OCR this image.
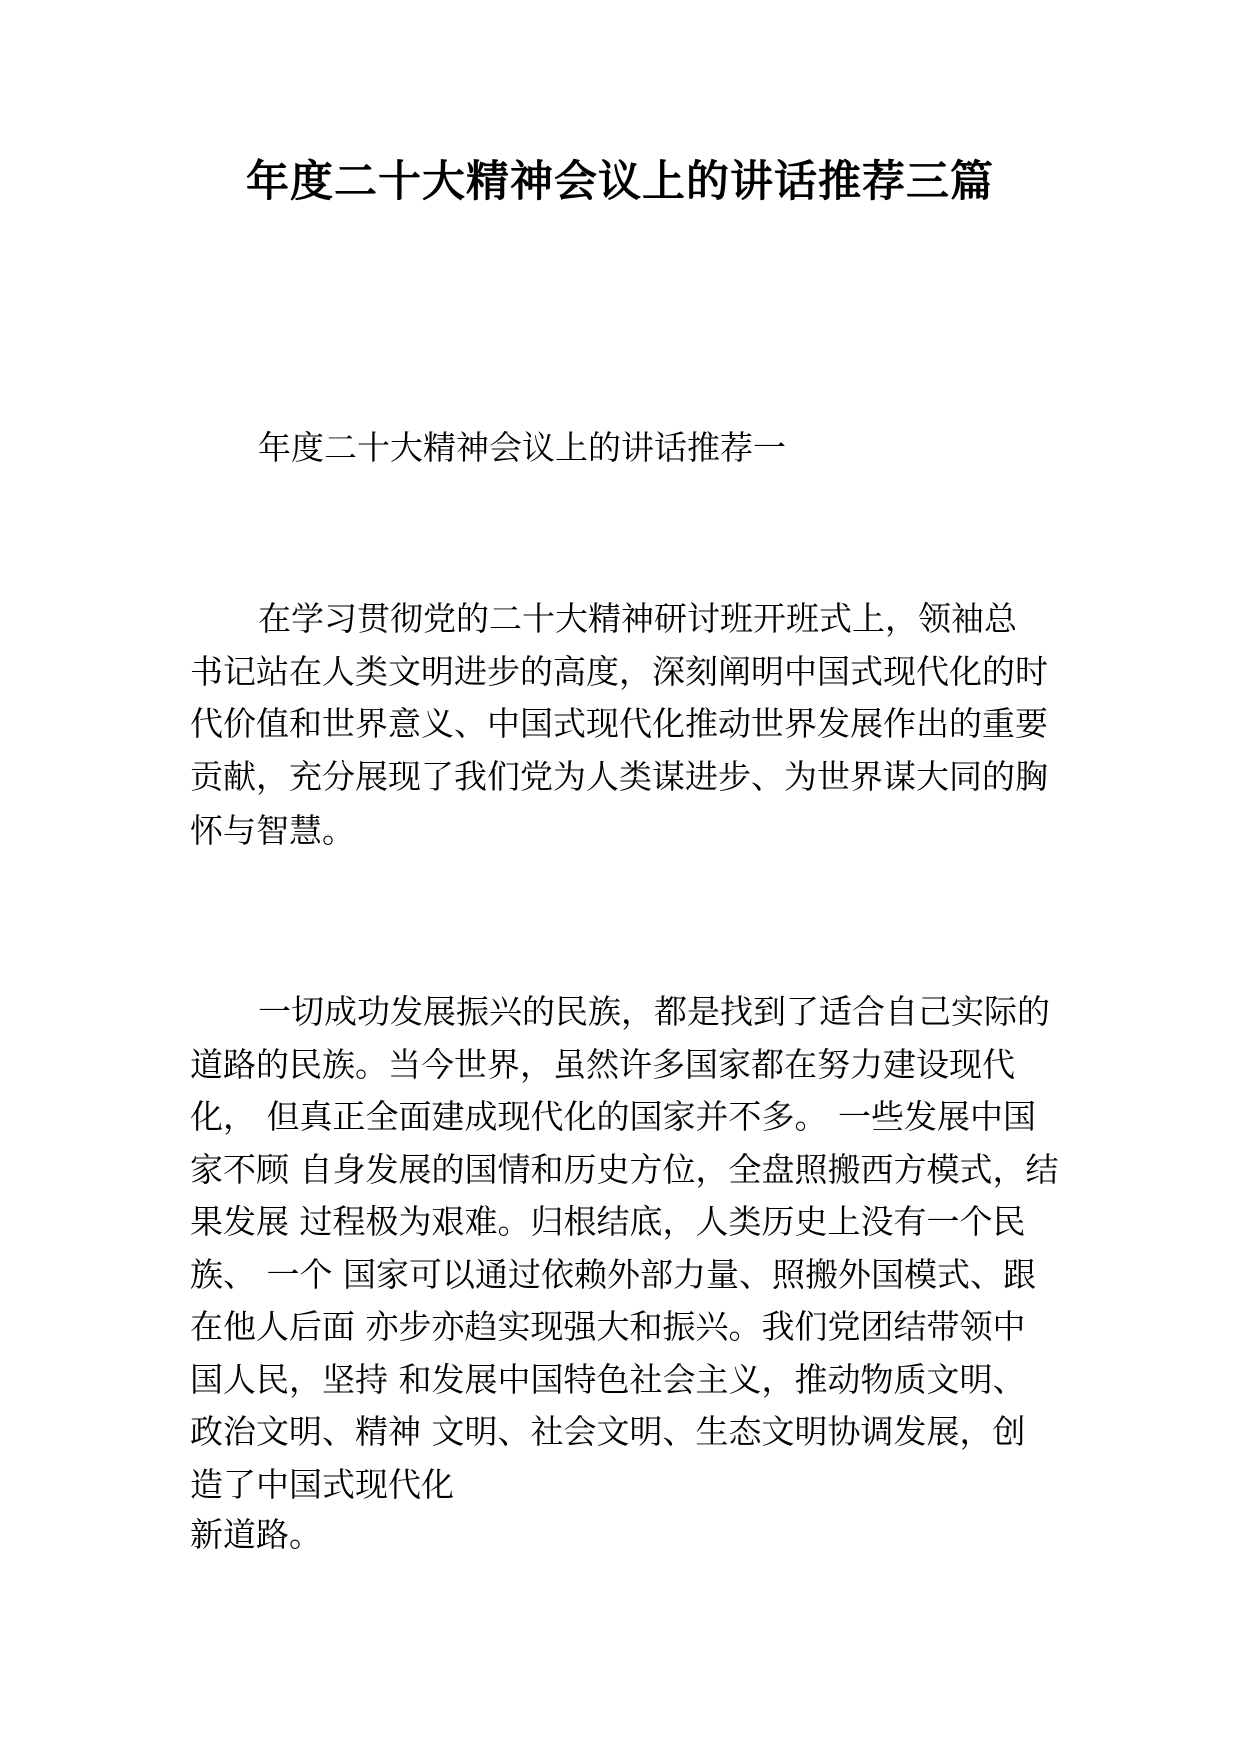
年度二十大精神会议上的讲话推荐三篇

年度二十大精神会议上的讲话推荐一

在学习贯彻党的二十大精神研讨班开班式上，领袖总
书记站在人类文明进步的高度，深刻阐明中国式现代化的时
代价值和世界意义、中国式现代化推动世界发展作出的重要
贡献，充分展现了我们党为人类谋进步、为世界谋大同的胸
怀与智慧。
一切成功发展振兴的民族，都是找到了适合自己实际的
道路的民族。当今世界，虽然许多国家都在努力建设现代
化， 但真正全面建成现代化的国家并不多。 一些发展中国
家不顾 自身发展的国情和历史方位，全盘照搬西方模式，结
果发展 过程极为艰难。归根结底，人类历史上没有一个民
族、 一个 国家可以通过依赖外部力量、照搬外国模式、跟
在他人后面 亦步亦趋实现强大和振兴。我们党团结带领中
国人民，坚持 和发展中国特色社会主义，推动物质文明、
政治文明、精神 文明、社会文明、生态文明协调发展，创
造了中国式现代化
新道路。
